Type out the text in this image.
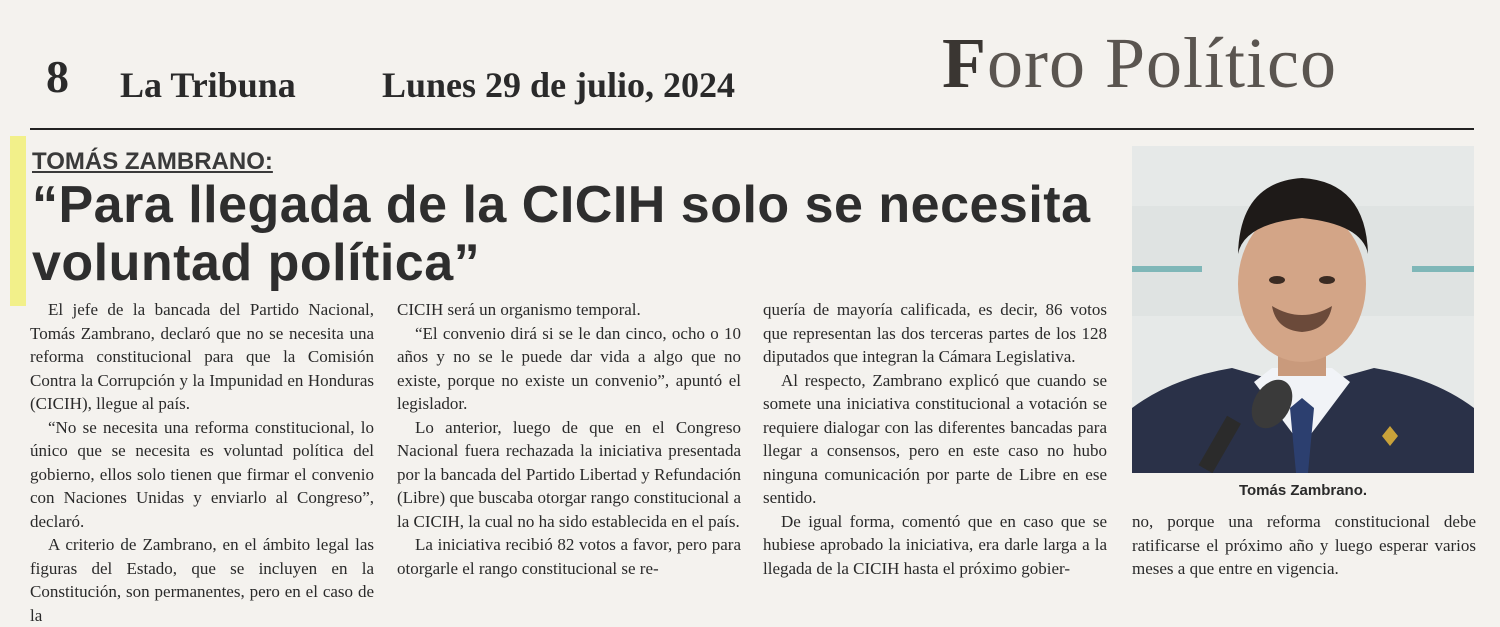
8 La Tribuna Lunes 29 de julio, 2024	Foro Político
TOMÁS ZAMBRANO:
“Para llegada de la CICIH solo se necesita voluntad política”

El jefe de la bancada del Partido Nacional, Tomás Zambrano, declaró que no se necesita una reforma constitucional para que la Comisión Contra la Corrupción y la Impunidad en Honduras (CICIH), llegue al país.

“No se necesita una reforma constitucional, lo único que se necesita es voluntad política del gobierno, ellos solo tienen que firmar el convenio con Naciones Unidas y enviarlo al Congreso”, declaró.

A criterio de Zambrano, en el ámbito legal las figuras del Estado, que se incluyen en la Constitución, son permanentes, pero en el caso de la

CICIH será un organismo temporal.

“El convenio dirá si se le dan cinco, ocho o 10 años y no se le puede dar vida a algo que no existe, porque no existe un convenio”, apuntó el legislador.

Lo anterior, luego de que en el Congreso Nacional fuera rechazada la iniciativa presentada por la bancada del Partido Libertad y Refundación (Libre) que buscaba otorgar rango constitucional a la CICIH, la cual no ha sido establecida en el país.

La iniciativa recibió 82 votos a favor, pero para otorgarle el rango constitucional se re-

quería de mayoría calificada, es decir, 86 votos que representan las dos terceras partes de los 128 diputados que integran la Cámara Legislativa.

Al respecto, Zambrano explicó que cuando se somete una iniciativa constitucional a votación se requiere dialogar con las diferentes bancadas para llegar a consensos, pero en este caso no hubo ninguna comunicación por parte de Libre en ese sentido.

De igual forma, comentó que en caso que se hubiese aprobado la iniciativa, era darle larga a la llegada de la CICIH hasta el próximo gobier-

Tomás Zambrano.

no, porque una reforma constitucional debe ratificarse el próximo año y luego esperar varios meses a que entre en vigencia.
